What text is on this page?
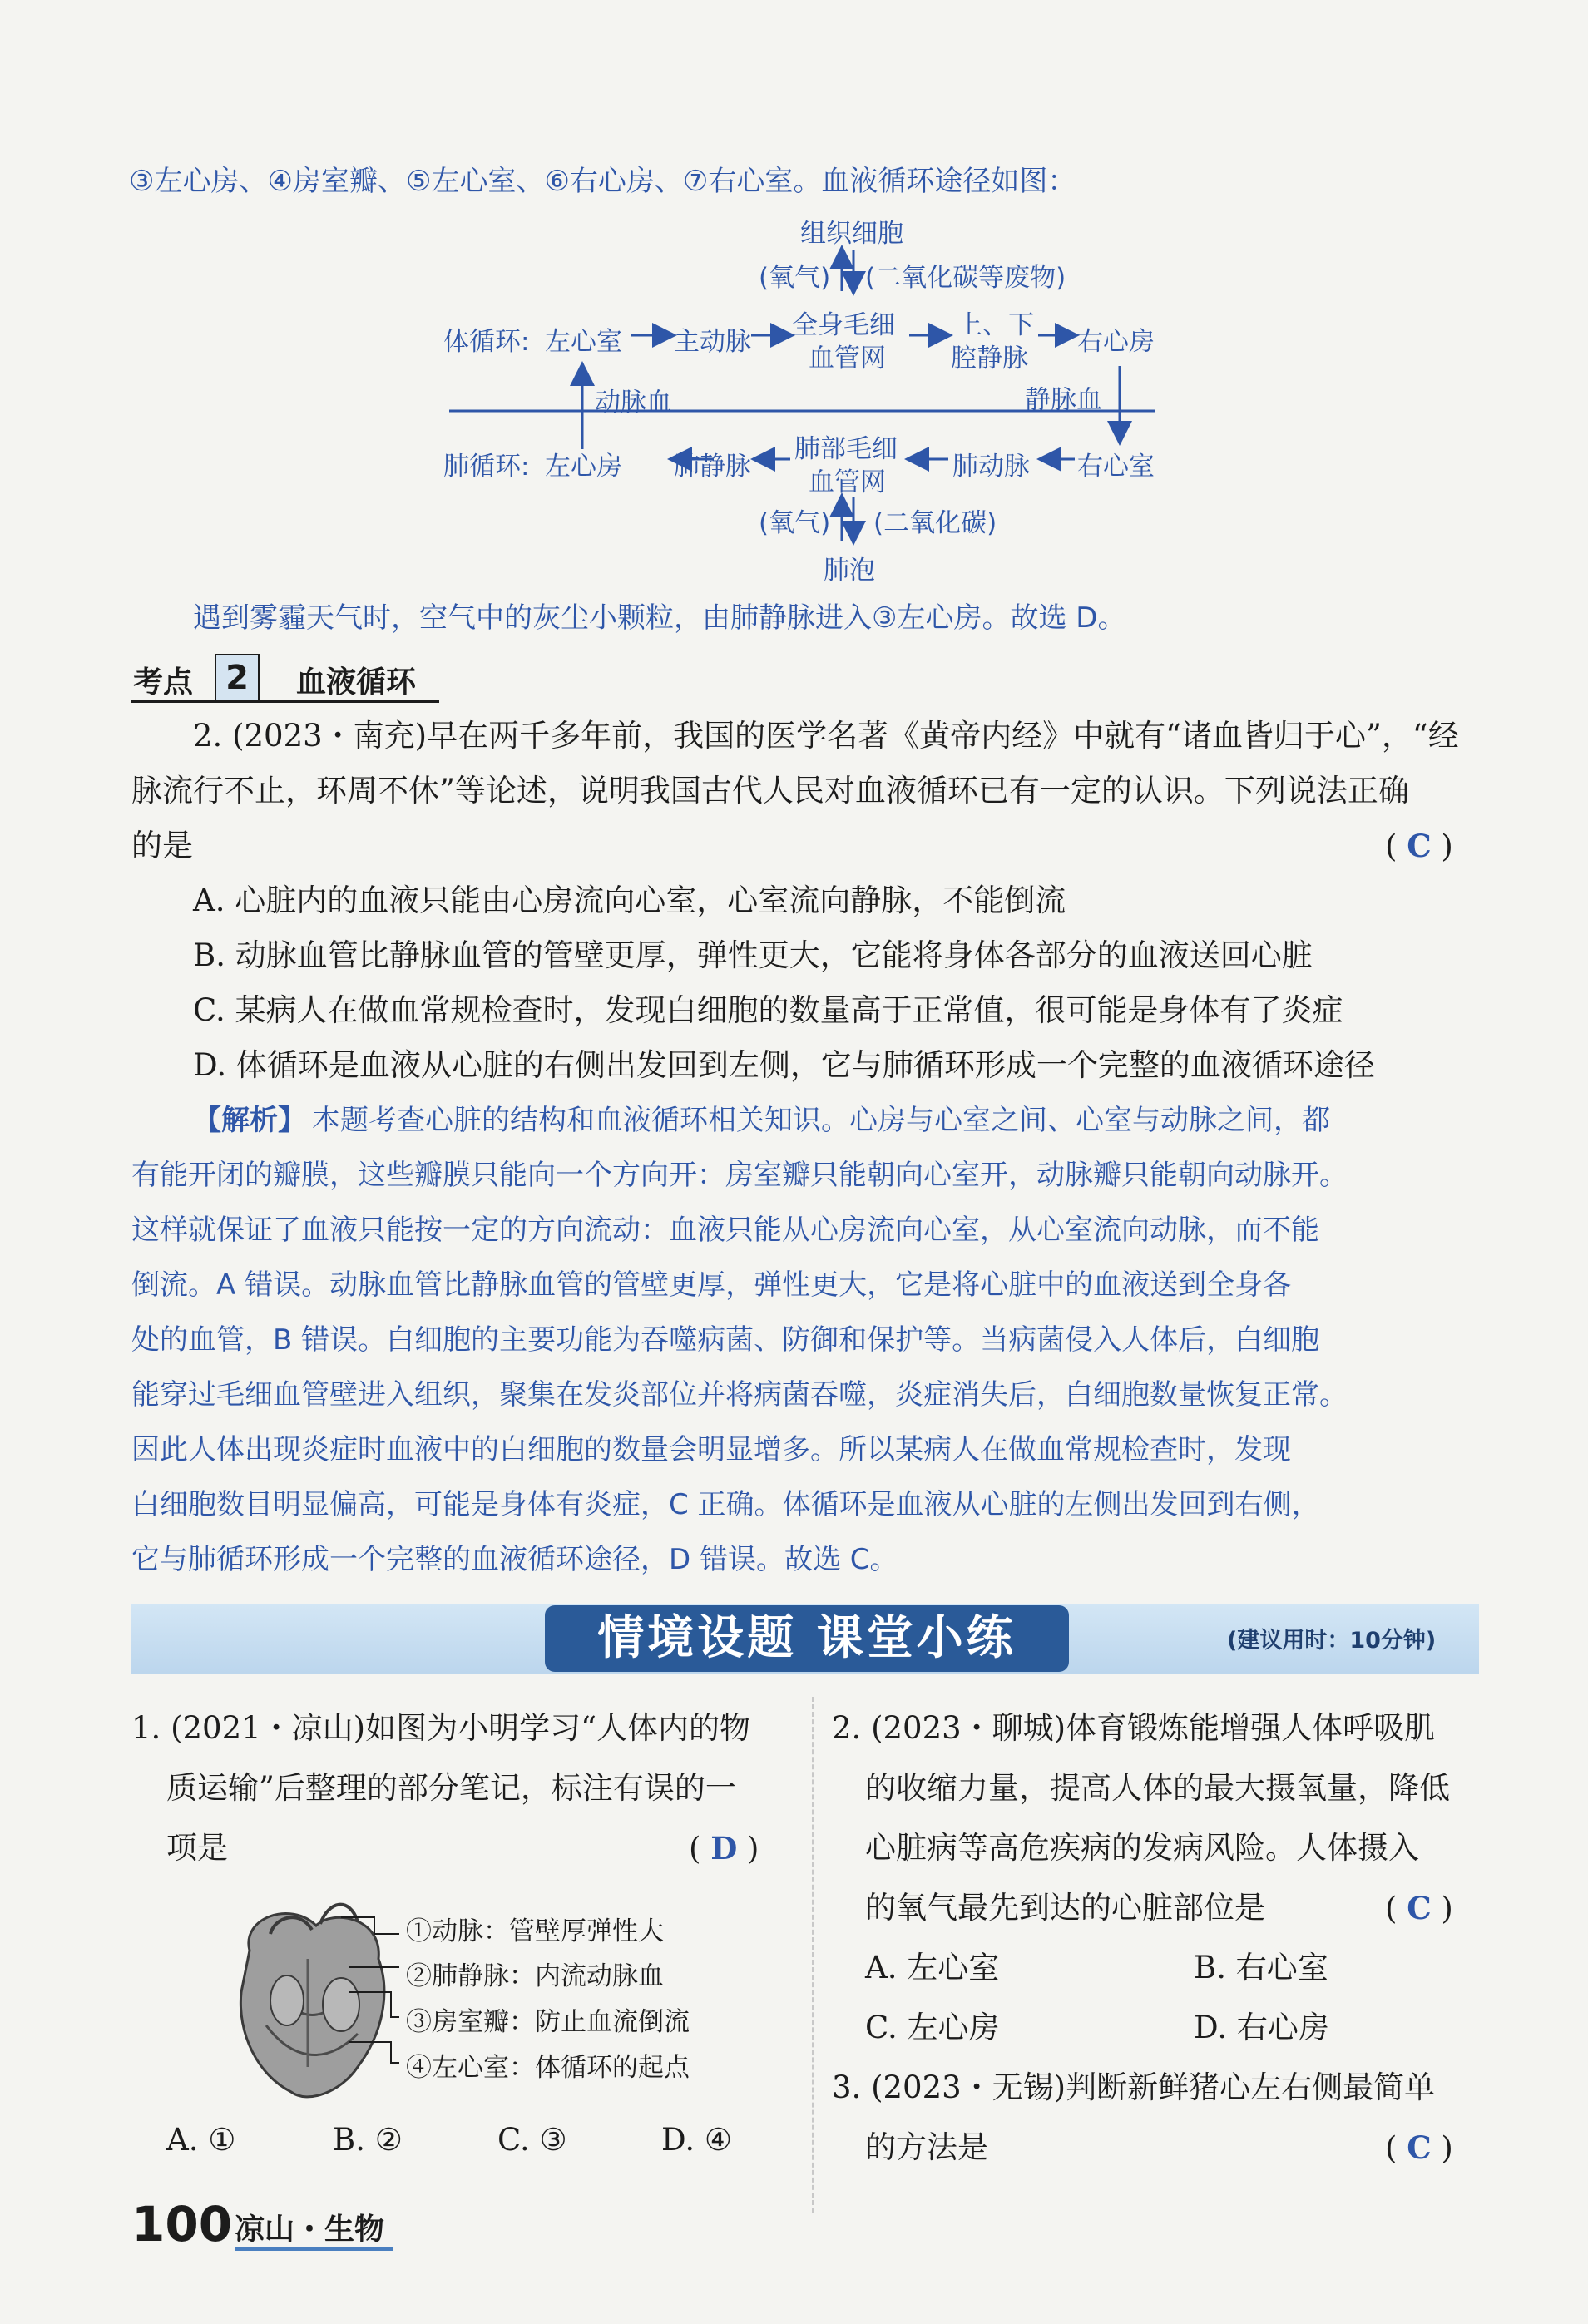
③左心房、④房室瓣、⑤左心室、⑥右心房、⑦右心室。血液循环途径如图：
组织细胞
(氧气) (二氧化碳等废物)
体循环: 左心室 主动脉
全身毛细
血管网
上、下
腔静脉
右心房
动脉血	静脉血
肺循环: 左心房 肺静脉
肺部毛细
血管网
肺动脉 右心室
(氧气) (二氧化碳)
肺泡
遇到雾霾天气时，空气中的灰尘小颗粒，由肺静脉进入③左心房。故选 D。
考点 2	血液循环
2. (2023・南充)早在两千多年前，我国的医学名著《黄帝内经》中就有“诸血皆归于心”，“经
脉流行不止，环周不休”等论述，说明我国古代人民对血液循环已有一定的认识。下列说法正确
的是	( C )
A. 心脏内的血液只能由心房流向心室，心室流向静脉，不能倒流
B. 动脉血管比静脉血管的管壁更厚，弹性更大，它能将身体各部分的血液送回心脏
C. 某病人在做血常规检查时，发现白细胞的数量高于正常值，很可能是身体有了炎症
D. 体循环是血液从心脏的右侧出发回到左侧，它与肺循环形成一个完整的血液循环途径
【解析】 本题考查心脏的结构和血液循环相关知识。心房与心室之间、心室与动脉之间，都
有能开闭的瓣膜，这些瓣膜只能向一个方向开：房室瓣只能朝向心室开，动脉瓣只能朝向动脉开。
这样就保证了血液只能按一定的方向流动：血液只能从心房流向心室，从心室流向动脉，而不能
倒流。A 错误。动脉血管比静脉血管的管壁更厚，弹性更大，它是将心脏中的血液送到全身各
处的血管，B 错误。白细胞的主要功能为吞噬病菌、防御和保护等。当病菌侵入人体后，白细胞
能穿过毛细血管壁进入组织，聚集在发炎部位并将病菌吞噬，炎症消失后，白细胞数量恢复正常。
因此人体出现炎症时血液中的白细胞的数量会明显增多。所以某病人在做血常规检查时，发现
白细胞数目明显偏高，可能是身体有炎症，C 正确。体循环是血液从心脏的左侧出发回到右侧，
它与肺循环形成一个完整的血液循环途径，D 错误。故选 C。
情境设题 课堂小练	(建议用时：10分钟)
1. (2021・凉山)如图为小明学习“人体内的物
质运输”后整理的部分笔记，标注有误的一
项是	( D )
①动脉：管壁厚弹性大
②肺静脉：内流动脉血
③房室瓣：防止血流倒流
④左心室：体循环的起点
A. ①	B. ②	C. ③	D. ④
2. (2023・聊城)体育锻炼能增强人体呼吸肌
的收缩力量，提高人体的最大摄氧量，降低
心脏病等高危疾病的发病风险。人体摄入
的氧气最先到达的心脏部位是	( C )
A. 左心室	B. 右心室
C. 左心房	D. 右心房
3. (2023・无锡)判断新鲜猪心左右侧最简单
的方法是	( C )
100 凉山・生物
